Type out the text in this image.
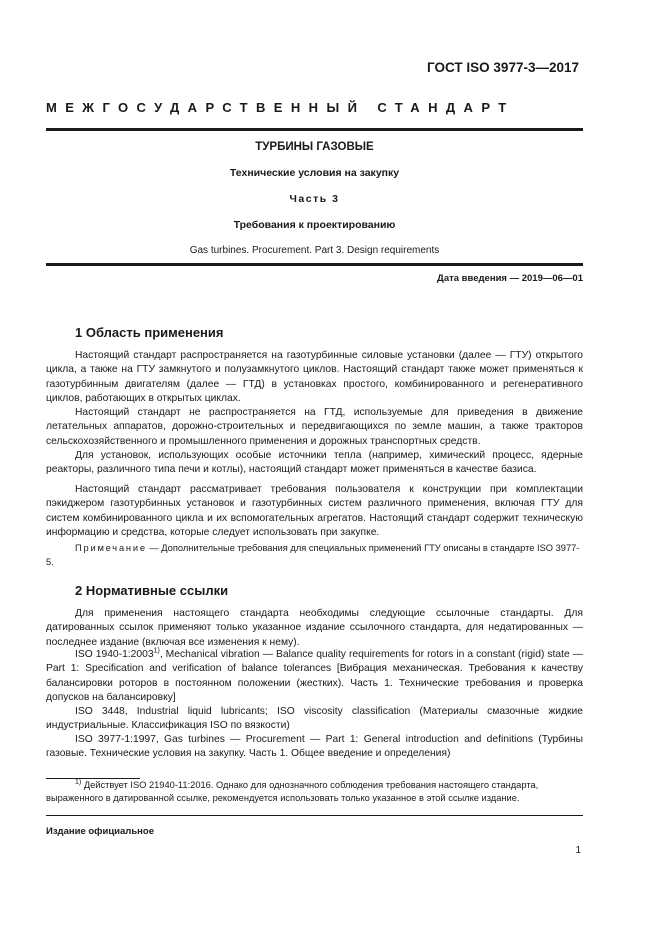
ГОСТ ISO 3977-3—2017
МЕЖГОСУДАРСТВЕННЫЙ СТАНДАРТ
ТУРБИНЫ ГАЗОВЫЕ
Технические условия на закупку
Часть 3
Требования к проектированию
Gas turbines. Procurement. Part 3. Design requirements
Дата введения — 2019—06—01
1 Область применения

Настоящий стандарт распространяется на газотурбинные силовые установки (далее — ГТУ) открытого цикла, а также на ГТУ замкнутого и полузамкнутого циклов. Настоящий стандарт также может применяться к газотурбинным двигателям (далее — ГТД) в установках простого, комбинированного и регенеративного циклов, работающих в открытых циклах.

Настоящий стандарт не распространяется на ГТД, используемые для приведения в движение летательных аппаратов, дорожно-строительных и передвигающихся по земле машин, а также тракторов сельскохозяйственного и промышленного применения и дорожных транспортных средств.

Для установок, использующих особые источники тепла (например, химический процесс, ядерные реакторы, различного типа печи и котлы), настоящий стандарт может применяться в качестве базиса.

Настоящий стандарт рассматривает требования пользователя к конструкции при комплектации пэкиджером газотурбинных установок и газотурбинных систем различного применения, включая ГТУ для систем комбинированного цикла и их вспомогательных агрегатов. Настоящий стандарт содержит техническую информацию и средства, которые следует использовать при закупке.

Примечание — Дополнительные требования для специальных применений ГТУ описаны в стандарте ISO 3977-5.

2 Нормативные ссылки

Для применения настоящего стандарта необходимы следующие ссылочные стандарты. Для датированных ссылок применяют только указанное издание ссылочного стандарта, для недатированных — последнее издание (включая все изменения к нему).

ISO 1940-1:2003$^{1)}$, Mechanical vibration — Balance quality requirements for rotors in a constant (rigid) state — Part 1: Specification and verification of balance tolerances [Вибрация механическая. Требования к качеству балансировки роторов в постоянном положении (жестких). Часть 1. Технические требования и проверка допусков на балансировку]

ISO 3448, Industrial liquid lubricants; ISO viscosity classification (Материалы смазочные жидкие индустриальные. Классификация ISO по вязкости)

ISO 3977-1:1997, Gas turbines — Procurement — Part 1: General introduction and definitions (Турбины газовые. Технические условия на закупку. Часть 1. Общее введение и определения)

$^{1)}$ Действует ISO 21940-11:2016. Однако для однозначного соблюдения требования настоящего стандарта, выраженного в датированной ссылке, рекомендуется использовать только указанное в этой ссылке издание.

Издание официальное
1
